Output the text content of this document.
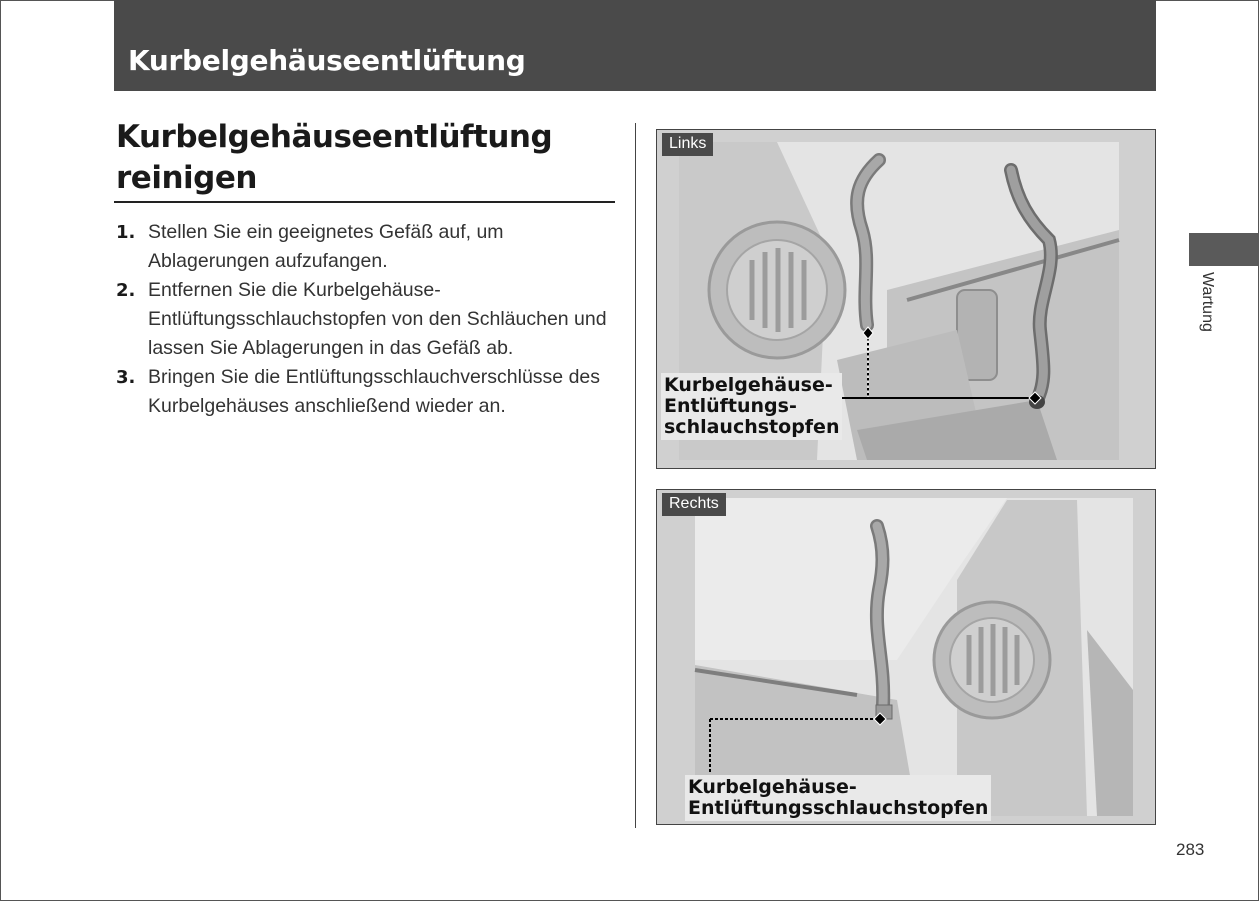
Kurbelgehäuseentlüftung
Kurbelgehäuseentlüftung reinigen
1. Stellen Sie ein geeignetes Gefäß auf, um Ablagerungen aufzufangen.
2. Entfernen Sie die Kurbelgehäuse-Entlüftungsschlauchstopfen von den Schläuchen und lassen Sie Ablagerungen in das Gefäß ab.
3. Bringen Sie die Entlüftungsschlauchverschlüsse des Kurbelgehäuses anschließend wieder an.
Links
Kurbelgehäuse-
Entlüftungs-
schlauchstopfen
Rechts
Kurbelgehäuse-
Entlüftungsschlauchstopfen
Wartung
283
